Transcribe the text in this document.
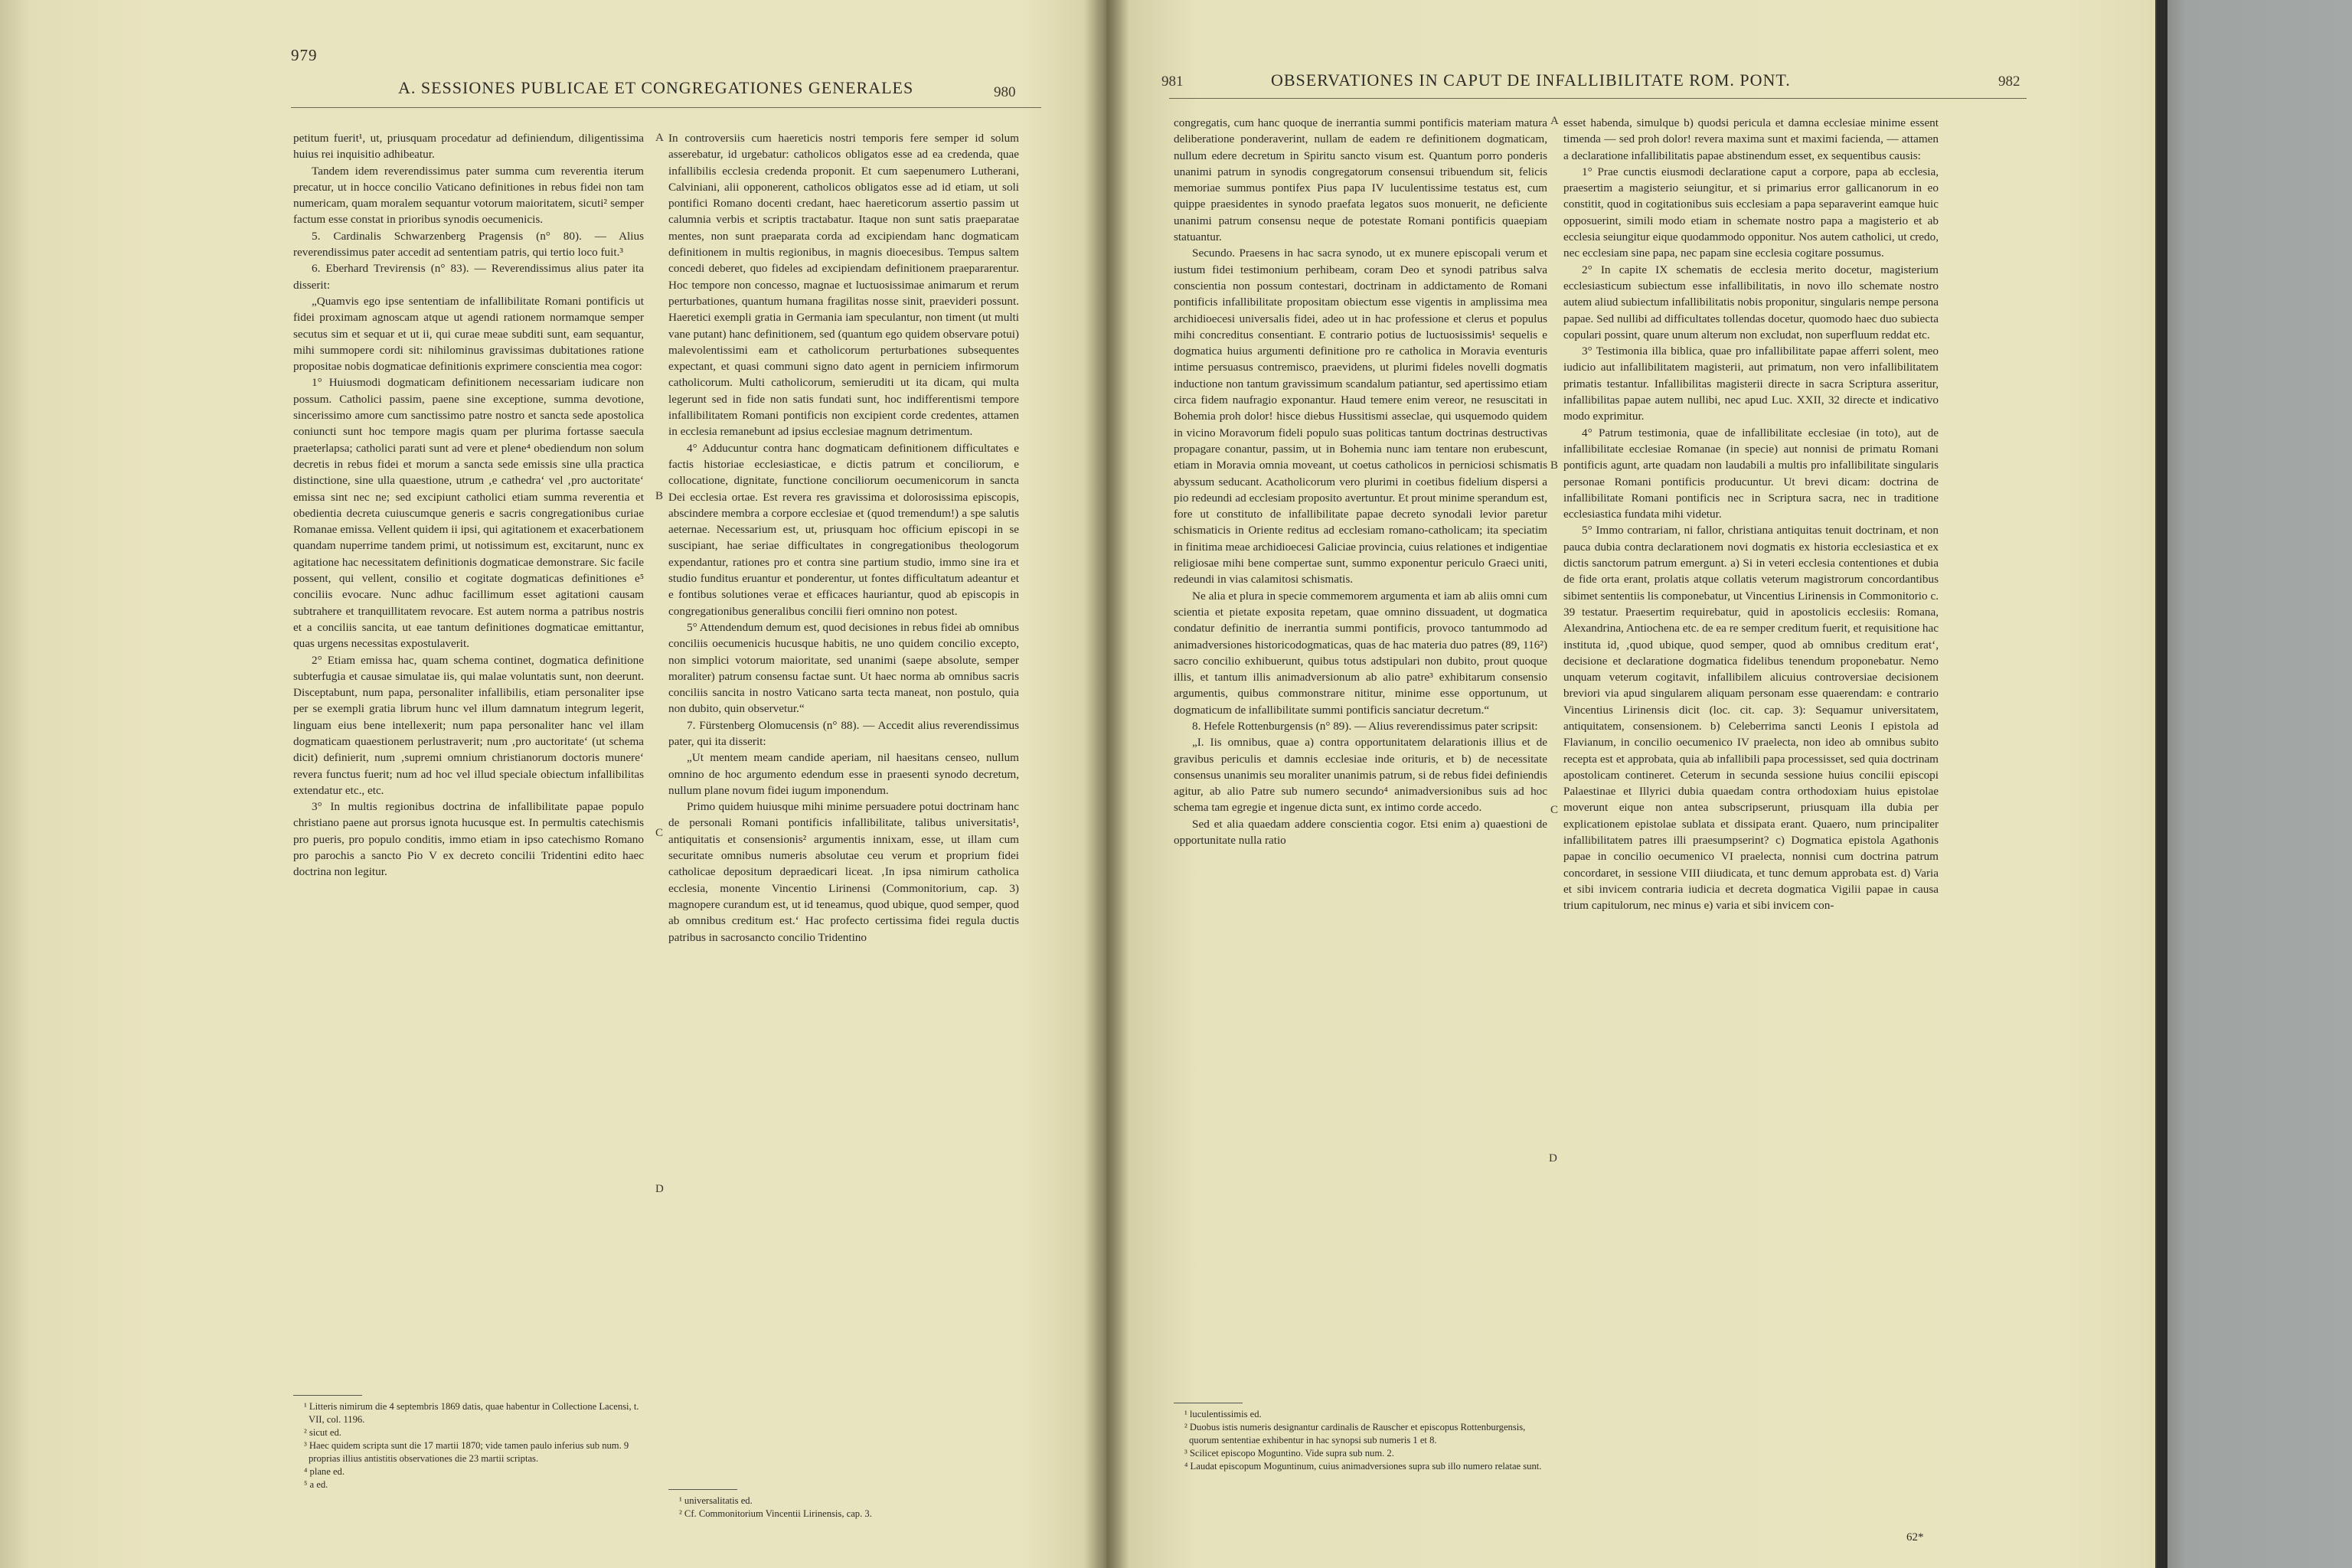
979
A. SESSIONES PUBLICAE ET CONGREGATIONES GENERALES	980

petitum fuerit¹, ut, priusquam procedatur ad definiendum, diligentissima huius rei inquisitio adhibeatur.

Tandem idem reverendissimus pater summa cum reverentia iterum precatur, ut in hocce concilio Vaticano definitiones in rebus fidei non tam numericam, quam moralem sequantur votorum maioritatem, sicuti² semper factum esse constat in prioribus synodis oecumenicis.

5. Cardinalis Schwarzenberg Pragensis (n° 80). — Alius reverendissimus pater accedit ad sententiam patris, qui tertio loco fuit.³

6. Eberhard Trevirensis (n° 83). — Reverendissimus alius pater ita disserit:

„Quamvis ego ipse sententiam de infallibilitate Romani pontificis ut fidei proximam agnoscam atque ut agendi rationem normamque semper secutus sim et sequar et ut ii, qui curae meae subditi sunt, eam sequantur, mihi summopere cordi sit: nihilominus gravissimas dubitationes ratione propositae nobis dogmaticae definitionis exprimere conscientia mea cogor:

1° Huiusmodi dogmaticam definitionem necessariam iudicare non possum. Catholici passim, paene sine exceptione, summa devotione, sincerissimo amore cum sanctissimo patre nostro et sancta sede apostolica coniuncti sunt hoc tempore magis quam per plurima fortasse saecula praeterlapsa; catholici parati sunt ad vere et plene⁴ obediendum non solum decretis in rebus fidei et morum a sancta sede emissis sine ulla practica distinctione, sine ulla quaestione, utrum ‚e cathedra‘ vel ‚pro auctoritate‘ emissa sint nec ne; sed excipiunt catholici etiam summa reverentia et obedientia decreta cuiuscumque generis e sacris congregationibus curiae Romanae emissa. Vellent quidem ii ipsi, qui agitationem et exacerbationem quandam nuperrime tandem primi, ut notissimum est, excitarunt, nunc ex agitatione hac necessitatem definitionis dogmaticae demonstrare. Sic facile possent, qui vellent, consilio et cogitate dogmaticas definitiones e⁵ conciliis evocare. Nunc adhuc facillimum esset agitationi causam subtrahere et tranquillitatem revocare. Est autem norma a patribus nostris et a conciliis sancita, ut eae tantum definitiones dogmaticae emittantur, quas urgens necessitas expostulaverit.

2° Etiam emissa hac, quam schema continet, dogmatica definitione subterfugia et causae simulatae iis, qui malae voluntatis sunt, non deerunt. Disceptabunt, num papa, personaliter infallibilis, etiam personaliter ipse per se exempli gratia librum hunc vel illum damnatum integrum legerit, linguam eius bene intellexerit; num papa personaliter hanc vel illam dogmaticam quaestionem perlustraverit; num ‚pro auctoritate‘ (ut schema dicit) definierit, num ‚supremi omnium christianorum doctoris munere‘ revera functus fuerit; num ad hoc vel illud speciale obiectum infallibilitas extendatur etc., etc.

3° In multis regionibus doctrina de infallibilitate papae populo christiano paene aut prorsus ignota hucusque est. In permultis catechismis pro pueris, pro populo conditis, immo etiam in ipso catechismo Romano pro parochis a sancto Pio V ex decreto concilii Tridentini edito haec doctrina non legitur.

A
B
C
D

In controversiis cum haereticis nostri temporis fere semper id solum asserebatur, id urgebatur: catholicos obligatos esse ad ea credenda, quae infallibilis ecclesia credenda proponit. Et cum saepenumero Lutherani, Calviniani, alii opponerent, catholicos obligatos esse ad id etiam, ut soli pontifici Romano docenti credant, haec haereticorum assertio passim ut calumnia verbis et scriptis tractabatur. Itaque non sunt satis praeparatae mentes, non sunt praeparata corda ad excipiendam hanc dogmaticam definitionem in multis regionibus, in magnis dioecesibus. Tempus saltem concedi deberet, quo fideles ad excipiendam definitionem praepararentur. Hoc tempore non concesso, magnae et luctuosissimae animarum et rerum perturbationes, quantum humana fragilitas nosse sinit, praevideri possunt. Haeretici exempli gratia in Germania iam speculantur, non timent (ut multi vane putant) hanc definitionem, sed (quantum ego quidem observare potui) malevolentissimi eam et catholicorum perturbationes subsequentes expectant, et quasi communi signo dato agent in perniciem infirmorum catholicorum. Multi catholicorum, semieruditi ut ita dicam, qui multa legerunt sed in fide non satis fundati sunt, hoc indifferentismi tempore infallibilitatem Romani pontificis non excipient corde credentes, attamen in ecclesia remanebunt ad ipsius ecclesiae magnum detrimentum.

4° Adducuntur contra hanc dogmaticam definitionem difficultates e factis historiae ecclesiasticae, e dictis patrum et conciliorum, e collocatione, dignitate, functione conciliorum oecumenicorum in sancta Dei ecclesia ortae. Est revera res gravissima et dolorosissima episcopis, abscindere membra a corpore ecclesiae et (quod tremendum!) a spe salutis aeternae. Necessarium est, ut, priusquam hoc officium episcopi in se suscipiant, hae seriae difficultates in congregationibus theologorum expendantur, rationes pro et contra sine partium studio, immo sine ira et studio funditus eruantur et ponderentur, ut fontes difficultatum adeantur et e fontibus solutiones verae et efficaces hauriantur, quod ab episcopis in congregationibus generalibus concilii fieri omnino non potest.

5° Attendendum demum est, quod decisiones in rebus fidei ab omnibus conciliis oecumenicis hucusque habitis, ne uno quidem concilio excepto, non simplici votorum maioritate, sed unanimi (saepe absolute, semper moraliter) patrum consensu factae sunt. Ut haec norma ab omnibus sacris conciliis sancita in nostro Vaticano sarta tecta maneat, non postulo, quia non dubito, quin observetur.“

7. Fürstenberg Olomucensis (n° 88). — Accedit alius reverendissimus pater, qui ita disserit:

„Ut mentem meam candide aperiam, nil haesitans censeo, nullum omnino de hoc argumento edendum esse in praesenti synodo decretum, nullum plane novum fidei iugum imponendum.

Primo quidem huiusque mihi minime persuadere potui doctrinam hanc de personali Romani pontificis infallibilitate, talibus universitatis¹, antiquitatis et consensionis² argumentis innixam, esse, ut illam cum securitate omnibus numeris absolutae ceu verum et proprium fidei catholicae depositum depraedicari liceat. ‚In ipsa nimirum catholica ecclesia, monente Vincentio Lirinensi (Commonitorium, cap. 3) magnopere curandum est, ut id teneamus, quod ubique, quod semper, quod ab omnibus creditum est.‘ Hac profecto certissima fidei regula ductis patribus in sacrosancto concilio Tridentino

¹ Litteris nimirum die 4 septembris 1869 datis, quae habentur in Collectione Lacensi, t. VII, col. 1196.
² sicut ed.
³ Haec quidem scripta sunt die 17 martii 1870; vide tamen paulo inferius sub num. 9 proprias illius antistitis observationes die 23 martii scriptas.
⁴ plane ed.
⁵ a ed.
¹ universalitatis ed.
² Cf. Commonitorium Vincentii Lirinensis, cap. 3.
981	OBSERVATIONES IN CAPUT DE INFALLIBILITATE ROM. PONT.	982

congregatis, cum hanc quoque de inerrantia summi pontificis materiam matura deliberatione ponderaverint, nullam de eadem re definitionem dogmaticam, nullum edere decretum in Spiritu sancto visum est. Quantum porro ponderis unanimi patrum in synodis congregatorum consensui tribuendum sit, felicis memoriae summus pontifex Pius papa IV luculentissime testatus est, cum quippe praesidentes in synodo praefata legatos suos monuerit, ne deficiente unanimi patrum consensu neque de potestate Romani pontificis quaepiam statuantur.

Secundo. Praesens in hac sacra synodo, ut ex munere episcopali verum et iustum fidei testimonium perhibeam, coram Deo et synodi patribus salva conscientia non possum contestari, doctrinam in addictamento de Romani pontificis infallibilitate propositam obiectum esse vigentis in amplissima mea archidioecesi universalis fidei, adeo ut in hac professione et clerus et populus mihi concreditus consentiant. E contrario potius de luctuosissimis¹ sequelis e dogmatica huius argumenti definitione pro re catholica in Moravia eventuris intime persuasus contremisco, praevidens, ut plurimi fideles novelli dogmatis inductione non tantum gravissimum scandalum patiantur, sed apertissimo etiam circa fidem naufragio exponantur. Haud temere enim vereor, ne resuscitati in Bohemia proh dolor! hisce diebus Hussitismi asseclae, qui usquemodo quidem in vicino Moravorum fideli populo suas politicas tantum doctrinas destructivas propagare conantur, passim, ut in Bohemia nunc iam tentare non erubescunt, etiam in Moravia omnia moveant, ut coetus catholicos in perniciosi schismatis abyssum seducant. Acatholicorum vero plurimi in coetibus fidelium dispersi a pio redeundi ad ecclesiam proposito avertuntur. Et prout minime sperandum est, fore ut constituto de infallibilitate papae decreto synodali levior paretur schismaticis in Oriente reditus ad ecclesiam romano-catholicam; ita speciatim in finitima meae archidioecesi Galiciae provincia, cuius relationes et indigentiae religiosae mihi bene compertae sunt, summo exponentur periculo Graeci uniti, redeundi in vias calamitosi schismatis.

Ne alia et plura in specie commemorem argumenta et iam ab aliis omni cum scientia et pietate exposita repetam, quae omnino dissuadent, ut dogmatica condatur definitio de inerrantia summi pontificis, provoco tantummodo ad animadversiones historicodogmaticas, quas de hac materia duo patres (89, 116²) sacro concilio exhibuerunt, quibus totus adstipulari non dubito, prout quoque illis, et tantum illis animadversionum ab alio patre³ exhibitarum consensio argumentis, quibus commonstrare nititur, minime esse opportunum, ut dogmaticum de infallibilitate summi pontificis sanciatur decretum.“

8. Hefele Rottenburgensis (n° 89). — Alius reverendissimus pater scripsit:

„I. Iis omnibus, quae a) contra opportunitatem delarationis illius et de gravibus periculis et damnis ecclesiae inde orituris, et b) de necessitate consensus unanimis seu moraliter unanimis patrum, si de rebus fidei definiendis agitur, ab alio Patre sub numero secundo⁴ animadversionibus suis ad hoc schema tam egregie et ingenue dicta sunt, ex intimo corde accedo.

Sed et alia quaedam addere conscientia cogor. Etsi enim a) quaestioni de opportunitate nulla ratio

A
B
C
D

esset habenda, simulque b) quodsi pericula et damna ecclesiae minime essent timenda — sed proh dolor! revera maxima sunt et maximi facienda, — attamen a declaratione infallibilitatis papae abstinendum esset, ex sequentibus causis:

1° Prae cunctis eiusmodi declaratione caput a corpore, papa ab ecclesia, praesertim a magisterio seiungitur, et si primarius error gallicanorum in eo constitit, quod in cogitationibus suis ecclesiam a papa separaverint eamque huic opposuerint, simili modo etiam in schemate nostro papa a magisterio et ab ecclesia seiungitur eique quodammodo opponitur. Nos autem catholici, ut credo, nec ecclesiam sine papa, nec papam sine ecclesia cogitare possumus.

2° In capite IX schematis de ecclesia merito docetur, magisterium ecclesiasticum subiectum esse infallibilitatis, in novo illo schemate nostro autem aliud subiectum infallibilitatis nobis proponitur, singularis nempe persona papae. Sed nullibi ad difficultates tollendas docetur, quomodo haec duo subiecta copulari possint, quare unum alterum non excludat, non superfluum reddat etc.

3° Testimonia illa biblica, quae pro infallibilitate papae afferri solent, meo iudicio aut infallibilitatem magisterii, aut primatum, non vero infallibilitatem primatis testantur. Infallibilitas magisterii directe in sacra Scriptura asseritur, infallibilitas papae autem nullibi, nec apud Luc. XXII, 32 directe et indicativo modo exprimitur.

4° Patrum testimonia, quae de infallibilitate ecclesiae (in toto), aut de infallibilitate ecclesiae Romanae (in specie) aut nonnisi de primatu Romani pontificis agunt, arte quadam non laudabili a multis pro infallibilitate singularis personae Romani pontificis producuntur. Ut brevi dicam: doctrina de infallibilitate Romani pontificis nec in Scriptura sacra, nec in traditione ecclesiastica fundata mihi videtur.

5° Immo contrariam, ni fallor, christiana antiquitas tenuit doctrinam, et non pauca dubia contra declarationem novi dogmatis ex historia ecclesiastica et ex dictis sanctorum patrum emergunt. a) Si in veteri ecclesia contentiones et dubia de fide orta erant, prolatis atque collatis veterum magistrorum concordantibus sibimet sententiis lis componebatur, ut Vincentius Lirinensis in Commonitorio c. 39 testatur. Praesertim requirebatur, quid in apostolicis ecclesiis: Romana, Alexandrina, Antiochena etc. de ea re semper creditum fuerit, et requisitione hac instituta id, ‚quod ubique, quod semper, quod ab omnibus creditum erat‘, decisione et declaratione dogmatica fidelibus tenendum proponebatur. Nemo unquam veterum cogitavit, infallibilem alicuius controversiae decisionem breviori via apud singularem aliquam personam esse quaerendam: e contrario Vincentius Lirinensis dicit (loc. cit. cap. 3): Sequamur universitatem, antiquitatem, consensionem. b) Celeberrima sancti Leonis I epistola ad Flavianum, in concilio oecumenico IV praelecta, non ideo ab omnibus subito recepta est et approbata, quia ab infallibili papa processisset, sed quia doctrinam apostolicam contineret. Ceterum in secunda sessione huius concilii episcopi Palaestinae et Illyrici dubia quaedam contra orthodoxiam huius epistolae moverunt eique non antea subscripserunt, priusquam illa dubia per explicationem epistolae sublata et dissipata erant. Quaero, num principaliter infallibilitatem patres illi praesumpserint? c) Dogmatica epistola Agathonis papae in concilio oecumenico VI praelecta, nonnisi cum doctrina patrum concordaret, in sessione VIII diiudicata, et tunc demum approbata est. d) Varia et sibi invicem contraria iudicia et decreta dogmatica Vigilii papae in causa trium capitulorum, nec minus e) varia et sibi invicem con-

¹ luculentissimis ed.
² Duobus istis numeris designantur cardinalis de Rauscher et episcopus Rottenburgensis, quorum sententiae exhibentur in hac synopsi sub numeris 1 et 8.
³ Scilicet episcopo Moguntino. Vide supra sub num. 2.
⁴ Laudat episcopum Moguntinum, cuius animadversiones supra sub illo numero relatae sunt.
62*
